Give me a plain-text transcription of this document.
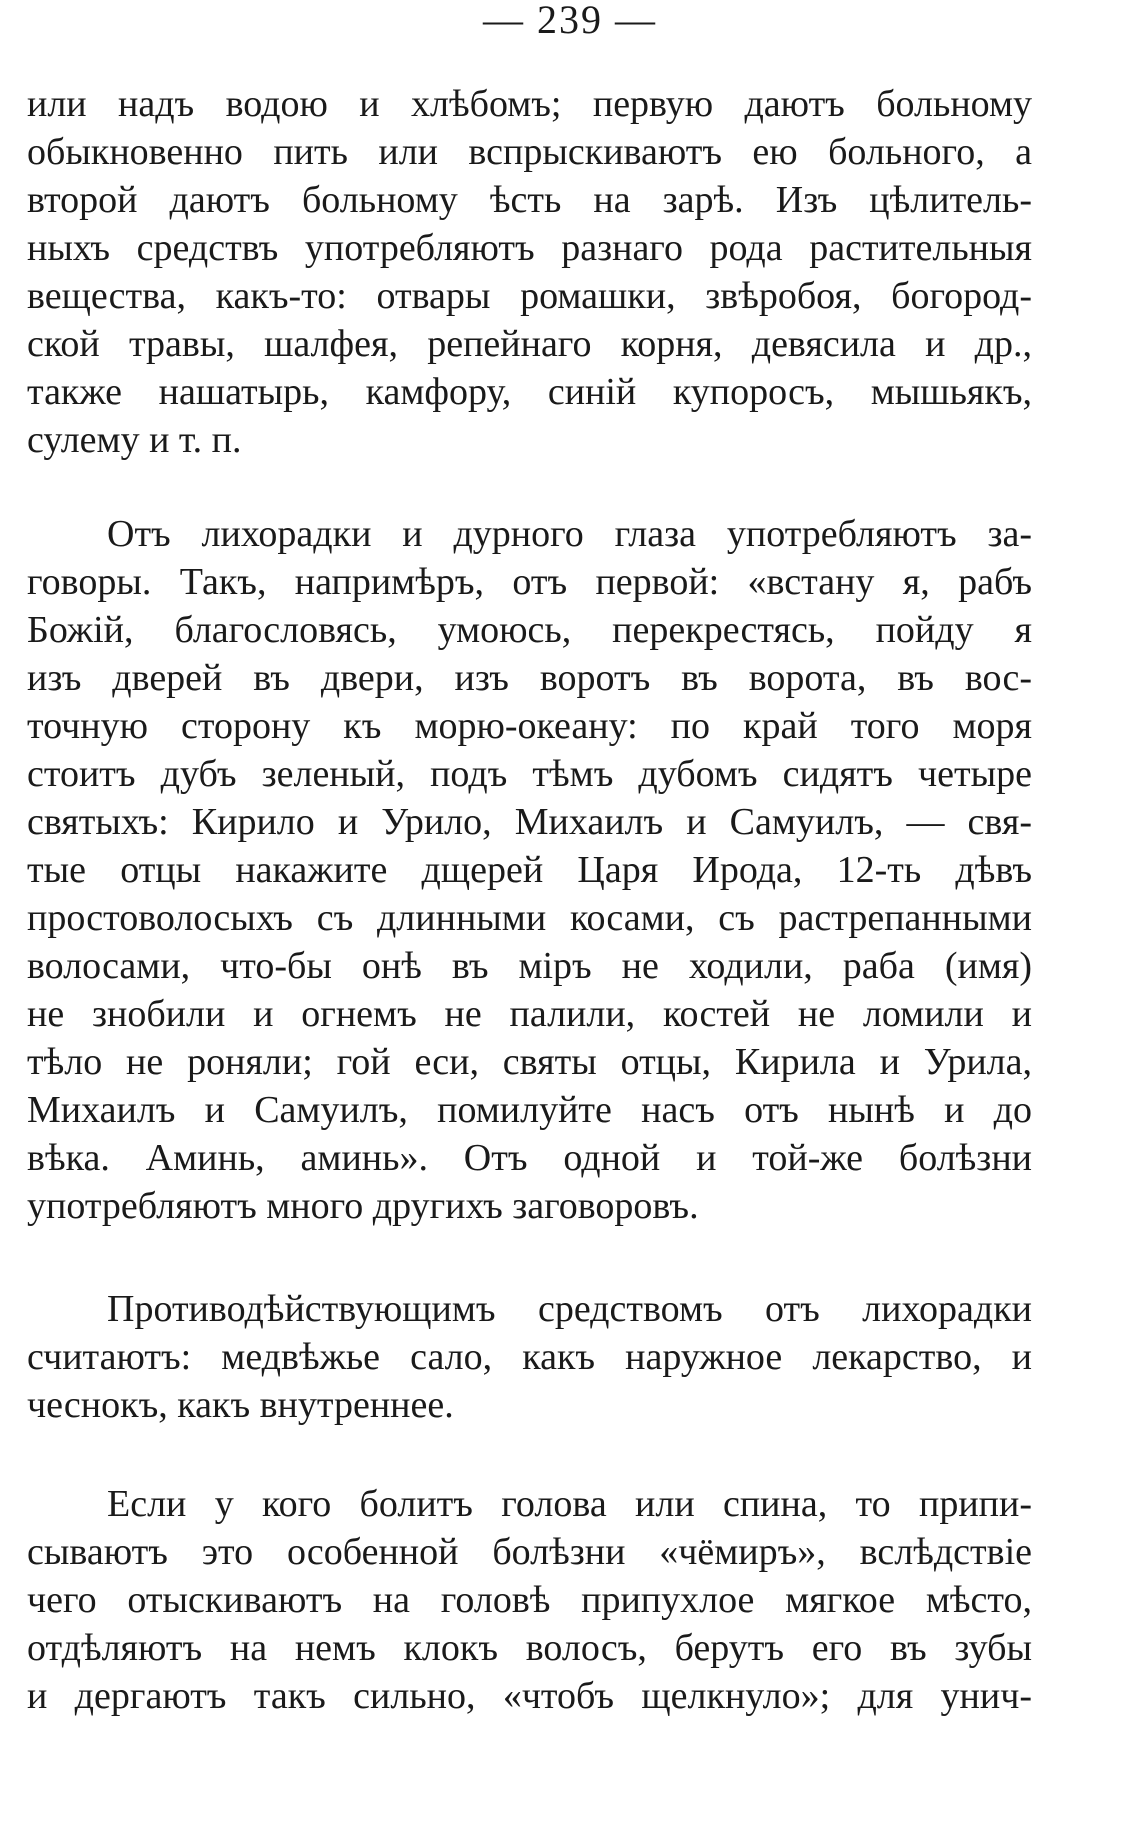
— 239 —
или надъ водою и хлѣбомъ; первую даютъ больному
обыкновенно пить или вспрыскиваютъ ею больного, а
второй даютъ больному ѣсть на зарѣ. Изъ цѣлитель-
ныхъ средствъ употребляютъ разнаго рода растительныя
вещества, какъ-то: отвары ромашки, звѣробоя, богород-
ской травы, шалфея, репейнаго корня, девясила и др.,
также нашатырь, камфору, синій купоросъ, мышьякъ,
сулему и т. п.
Отъ лихорадки и дурного глаза употребляютъ за-
говоры. Такъ, напримѣръ, отъ первой: «встану я, рабъ
Божій, благословясь, умоюсь, перекрестясь, пойду я
изъ дверей въ двери, изъ воротъ въ ворота, въ вос-
точную сторону къ морю-океану: по край того моря
стоитъ дубъ зеленый, подъ тѣмъ дубомъ сидятъ четыре
святыхъ: Кирило и Урило, Михаилъ и Самуилъ, — свя-
тые отцы накажите дщерей Царя Ирода, 12-ть дѣвъ
простоволосыхъ съ длинными косами, съ растрепанными
волосами, что-бы онѣ въ міръ не ходили, раба (имя)
не знобили и огнемъ не палили, костей не ломили и
тѣло не роняли; гой еси, святы отцы, Кирила и Урила,
Михаилъ и Самуилъ, помилуйте насъ отъ нынѣ и до
вѣка. Аминь, аминь». Отъ одной и той-же болѣзни
употребляютъ много другихъ заговоровъ.
Противодѣйствующимъ средствомъ отъ лихорадки
считаютъ: медвѣжье сало, какъ наружное лекарство, и
чеснокъ, какъ внутреннее.
Если у кого болитъ голова или спина, то припи-
сываютъ это особенной болѣзни «чёмиръ», вслѣдствіе
чего отыскиваютъ на головѣ припухлое мягкое мѣсто,
отдѣляютъ на немъ клокъ волосъ, берутъ его въ зубы
и дергаютъ такъ сильно, «чтобъ щелкнуло»; для унич-
